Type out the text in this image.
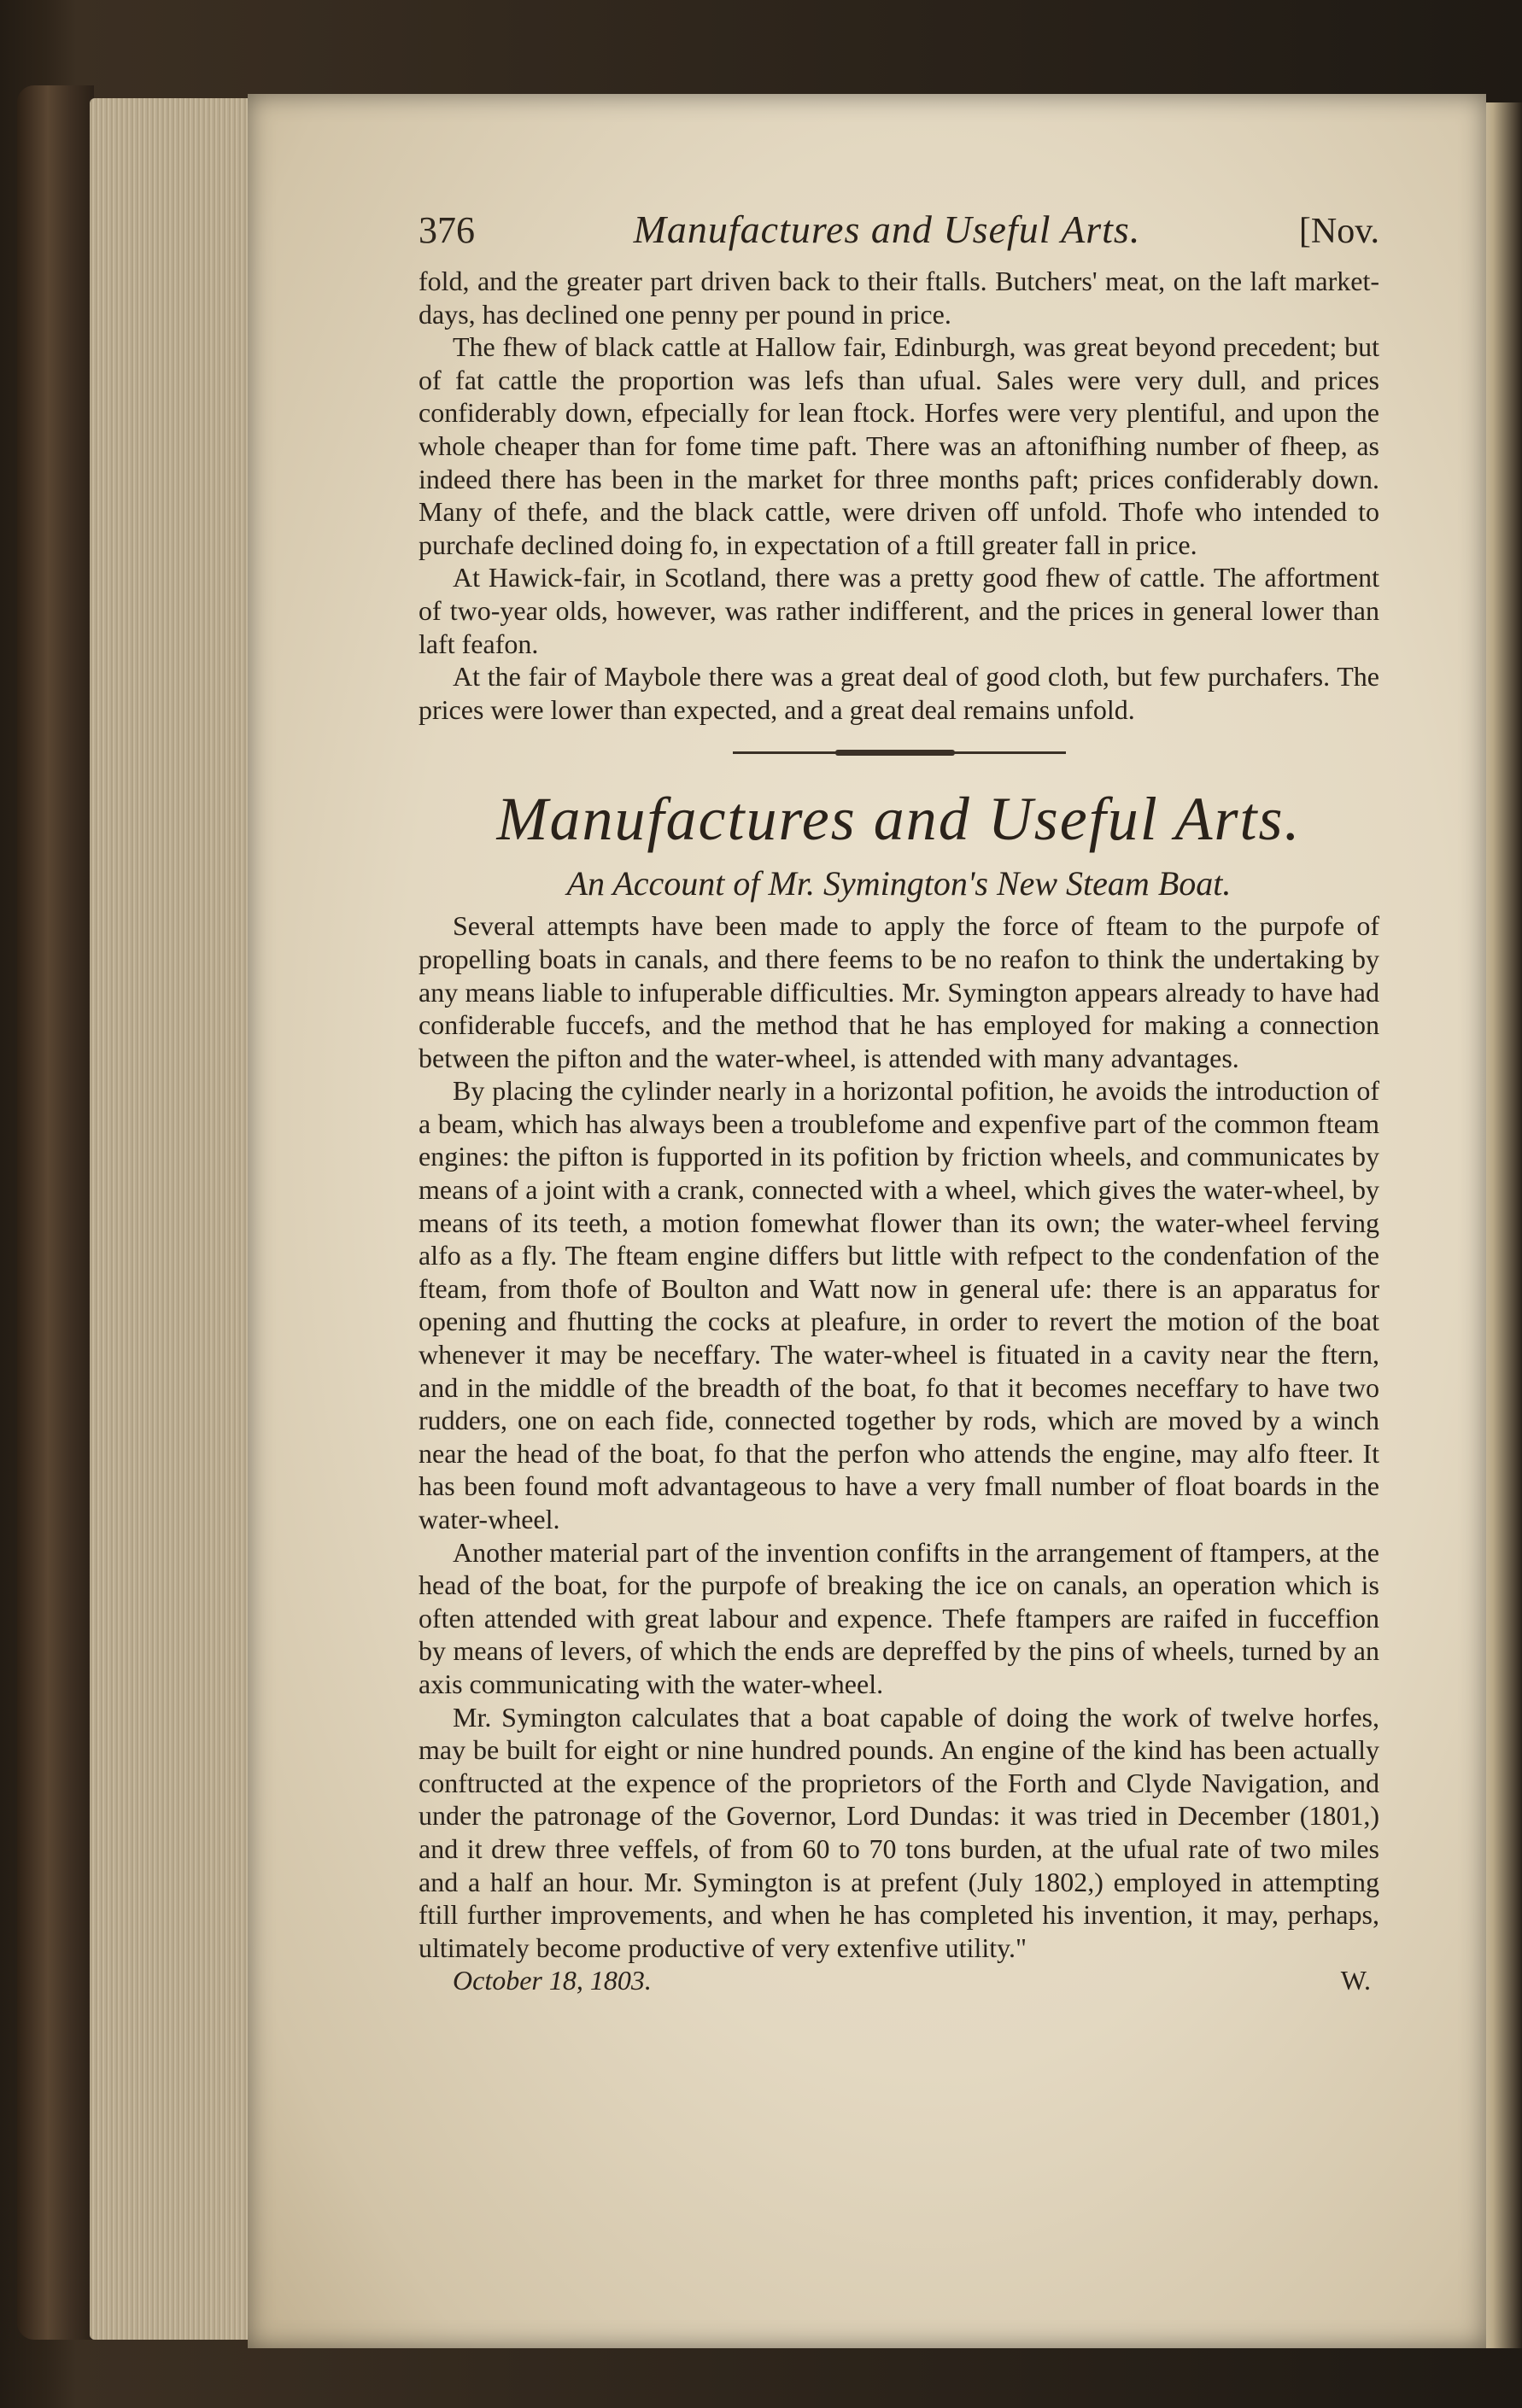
376	Manufactures and Useful Arts.	[Nov.

fold, and the greater part driven back to their ftalls. Butchers' meat, on the laft market-days, has declined one penny per pound in price.

The fhew of black cattle at Hallow fair, Edinburgh, was great beyond precedent; but of fat cattle the proportion was lefs than ufual. Sales were very dull, and prices confiderably down, efpecially for lean ftock. Horfes were very plentiful, and upon the whole cheaper than for fome time paft. There was an aftonifhing number of fheep, as indeed there has been in the market for three months paft; prices confiderably down. Many of thefe, and the black cattle, were driven off unfold. Thofe who intended to purchafe declined doing fo, in expectation of a ftill greater fall in price.

At Hawick-fair, in Scotland, there was a pretty good fhew of cattle. The affortment of two-year olds, however, was rather indifferent, and the prices in general lower than laft feafon.

At the fair of Maybole there was a great deal of good cloth, but few purchafers. The prices were lower than expected, and a great deal remains unfold.

Manufactures and Useful Arts.
An Account of Mr. Symington's New Steam Boat.

Several attempts have been made to apply the force of fteam to the purpofe of propelling boats in canals, and there feems to be no reafon to think the undertaking by any means liable to infuperable difficulties. Mr. Symington appears already to have had confiderable fuccefs, and the method that he has employed for making a connection between the pifton and the water-wheel, is attended with many advantages.

By placing the cylinder nearly in a horizontal pofition, he avoids the introduction of a beam, which has always been a troublefome and expenfive part of the common fteam engines: the pifton is fupported in its pofition by friction wheels, and communicates by means of a joint with a crank, connected with a wheel, which gives the water-wheel, by means of its teeth, a motion fomewhat flower than its own; the water-wheel ferving alfo as a fly. The fteam engine differs but little with refpect to the condenfation of the fteam, from thofe of Boulton and Watt now in general ufe: there is an apparatus for opening and fhutting the cocks at pleafure, in order to revert the motion of the boat whenever it may be neceffary. The water-wheel is fituated in a cavity near the ftern, and in the middle of the breadth of the boat, fo that it becomes neceffary to have two rudders, one on each fide, connected together by rods, which are moved by a winch near the head of the boat, fo that the perfon who attends the engine, may alfo fteer. It has been found moft advantageous to have a very fmall number of float boards in the water-wheel.

Another material part of the invention confifts in the arrangement of ftampers, at the head of the boat, for the purpofe of breaking the ice on canals, an operation which is often attended with great labour and expence. Thefe ftampers are raifed in fucceffion by means of levers, of which the ends are depreffed by the pins of wheels, turned by an axis communicating with the water-wheel.

Mr. Symington calculates that a boat capable of doing the work of twelve horfes, may be built for eight or nine hundred pounds. An engine of the kind has been actually conftructed at the expence of the proprietors of the Forth and Clyde Navigation, and under the patronage of the Governor, Lord Dundas: it was tried in December (1801,) and it drew three veffels, of from 60 to 70 tons burden, at the ufual rate of two miles and a half an hour. Mr. Symington is at prefent (July 1802,) employed in attempting ftill further improvements, and when he has completed his invention, it may, perhaps, ultimately become productive of very extenfive utility."

October 18, 1803.	W.
